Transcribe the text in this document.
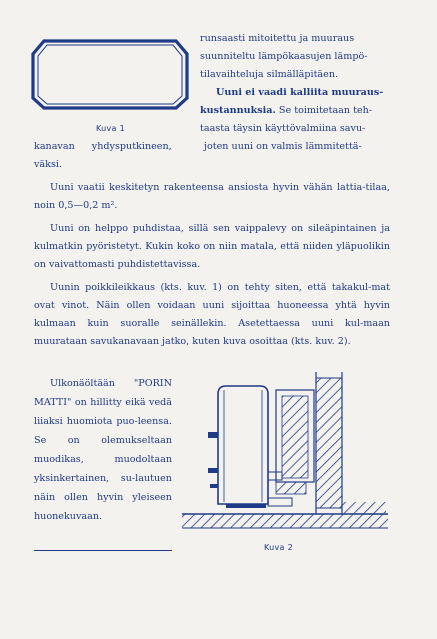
Kuva 1

runsaasti mitoitettu ja muuraus

suunniteltu lämpökaasujen lämpö-

tilavaihteluja silmälläpitäen.

Uuni ei vaadi kalliita muuraus-

kustannuksia. Se toimitetaan teh-

taasta täysin käyttövalmiina savu-

kanavan yhdysputkineen,	joten uuni on valmis lämmitettä-

väksi.

Uuni vaatii keskitetyn rakenteensa ansiosta hyvin vähän lattia-tilaa, noin 0,5—0,2 m².

Uuni on helppo puhdistaa, sillä sen vaippalevy on sileäpintainen ja kulmatkin pyöristetyt. Kukin koko on niin matala, että niiden yläpuolikin on vaivattomasti puhdistettavissa.

Uunin poikkileikkaus (kts. kuv. 1) on tehty siten, että takakul-mat ovat vinot. Näin ollen voidaan uuni sijoittaa huoneessa yhtä hyvin kulmaan kuin suoralle seinällekin. Asetettaessa uuni kul-maan muurataan savukanavaan jatko, kuten kuva osoittaa (kts. kuv. 2).

Ulkonäöltään "PORIN MATTI" on hillitty eikä vedä liiaksi huomiota puo-leensa. Se on olemukseltaan muodikas, muodoltaan yksinkertainen, su-lautuen näin ollen hyvin yleiseen huonekuvaan.

Kuva 2
